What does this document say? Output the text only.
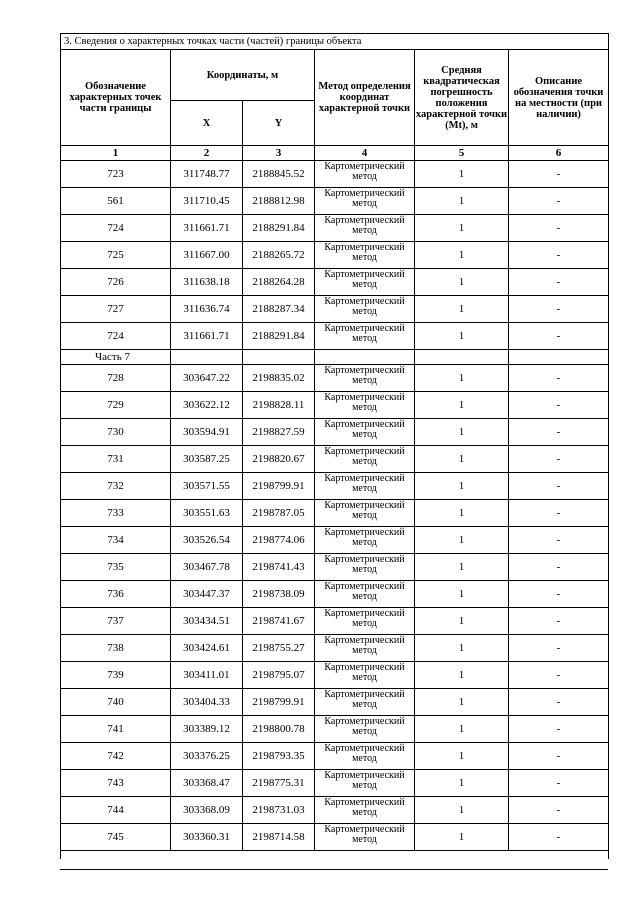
3. Сведения о характерных точках части (частей) границы объекта					
Обозначение характерных точек части границы	Координаты, м		Метод определения координат характерной точки	Средняя квадратическая погрешность положения характерной точки (Mt), м	Описание обозначения точки на местности (при наличии)
	X	Y			
1	2	3	4	5	6
723	311748.77	2188845.52	Картометрический метод	1	-
561	311710.45	2188812.98	Картометрический метод	1	-
724	311661.71	2188291.84	Картометрический метод	1	-
725	311667.00	2188265.72	Картометрический метод	1	-
726	311638.18	2188264.28	Картометрический метод	1	-
727	311636.74	2188287.34	Картометрический метод	1	-
724	311661.71	2188291.84	Картометрический метод	1	-
Часть 7					
728	303647.22	2198835.02	Картометрический метод	1	-
729	303622.12	2198828.11	Картометрический метод	1	-
730	303594.91	2198827.59	Картометрический метод	1	-
731	303587.25	2198820.67	Картометрический метод	1	-
732	303571.55	2198799.91	Картометрический метод	1	-
733	303551.63	2198787.05	Картометрический метод	1	-
734	303526.54	2198774.06	Картометрический метод	1	-
735	303467.78	2198741.43	Картометрический метод	1	-
736	303447.37	2198738.09	Картометрический метод	1	-
737	303434.51	2198741.67	Картометрический метод	1	-
738	303424.61	2198755.27	Картометрический метод	1	-
739	303411.01	2198795.07	Картометрический метод	1	-
740	303404.33	2198799.91	Картометрический метод	1	-
741	303389.12	2198800.78	Картометрический метод	1	-
742	303376.25	2198793.35	Картометрический метод	1	-
743	303368.47	2198775.31	Картометрический метод	1	-
744	303368.09	2198731.03	Картометрический метод	1	-
745	303360.31	2198714.58	Картометрический метод	1	-
